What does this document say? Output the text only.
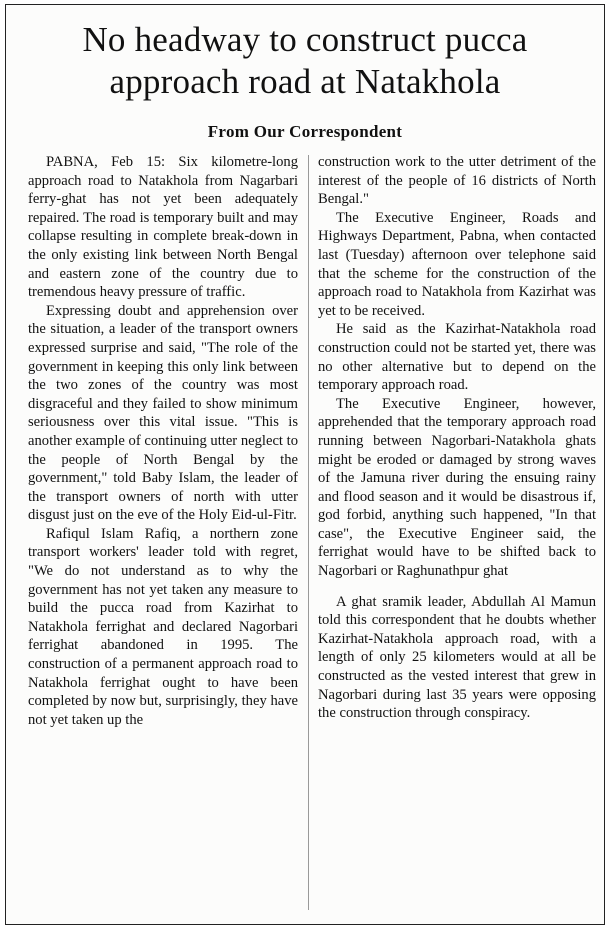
No headway to construct pucca
approach road at Natakhola
From Our Correspondent

PABNA, Feb 15: Six kilometre-long approach road to Natakhola from Nagarbari ferry-ghat has not yet been adequately repaired. The road is temporary built and may collapse resulting in complete break-down in the only existing link between North Bengal and eastern zone of the country due to tremendous heavy pressure of traffic.

Expressing doubt and apprehension over the situation, a leader of the transport owners expressed surprise and said, "The role of the government in keeping this only link between the two zones of the country was most disgraceful and they failed to show minimum seriousness over this vital issue. "This is another example of continuing utter neglect to the people of North Bengal by the government," told Baby Islam, the leader of the transport owners of north with utter disgust just on the eve of the Holy Eid-ul-Fitr.

Rafiqul Islam Rafiq, a northern zone transport workers' leader told with regret, "We do not understand as to why the government has not yet taken any measure to build the pucca road from Kazirhat to Natakhola ferrighat and declared Nagorbari ferrighat abandoned in 1995. The construction of a permanent approach road to Natakhola ferrighat ought to have been completed by now but, surprisingly, they have not yet taken up the

construction work to the utter detriment of the interest of the people of 16 districts of North Bengal."

The Executive Engineer, Roads and Highways Department, Pabna, when contacted last (Tuesday) afternoon over telephone said that the scheme for the construction of the approach road to Natakhola from Kazirhat was yet to be received.

He said as the Kazirhat-Natakhola road construction could not be started yet, there was no other alternative but to depend on the temporary approach road.

The Executive Engineer, however, apprehended that the temporary approach road running between Nagorbari-Natakhola ghats might be eroded or damaged by strong waves of the Jamuna river during the ensuing rainy and flood season and it would be disastrous if, god forbid, anything such happened, "In that case", the Executive Engineer said, the ferrighat would have to be shifted back to Nagorbari or Raghunathpur ghat

A ghat sramik leader, Abdullah Al Mamun told this correspondent that he doubts whether Kazirhat-Natakhola approach road, with a length of only 25 kilometers would at all be constructed as the vested interest that grew in Nagorbari during last 35 years were opposing the construction through conspiracy.
